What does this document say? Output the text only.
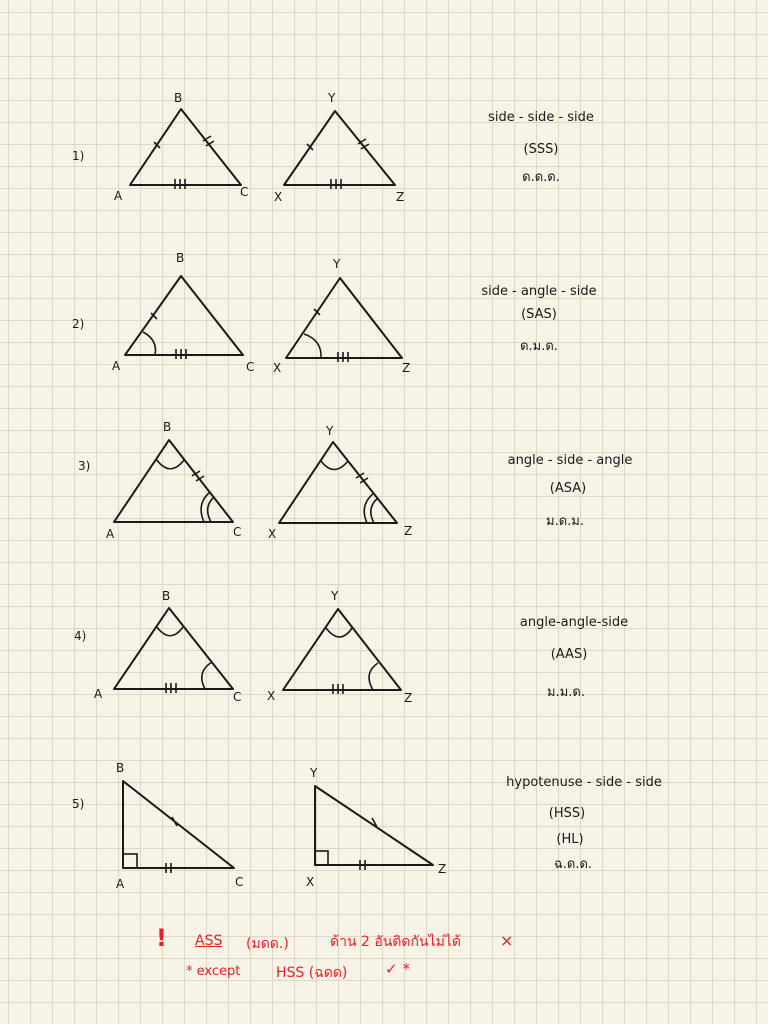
1)
A
B
C X
Y
Z
2)
A
B
C X
Y
Z
3)
A
B
C X
Y
Z
4)
A
B
C X
Y
Z
5)
A
B
C	X
Y
Z
side - side - side
(SSS)
ด.ด.ด.
side - angle - side
(SAS)
ด.ม.ด.
angle - side - angle
(ASA)
ม.ด.ม.
angle-angle-side
(AAS)
ม.ม.ด.
hypotenuse - side - side
(HSS)
(HL)
ฉ.ด.ด.
! ASS (มดด.)	ด้าน 2 อันติดกันไม่ได้ ×
* except	HSS (ฉดด)	✓ *
